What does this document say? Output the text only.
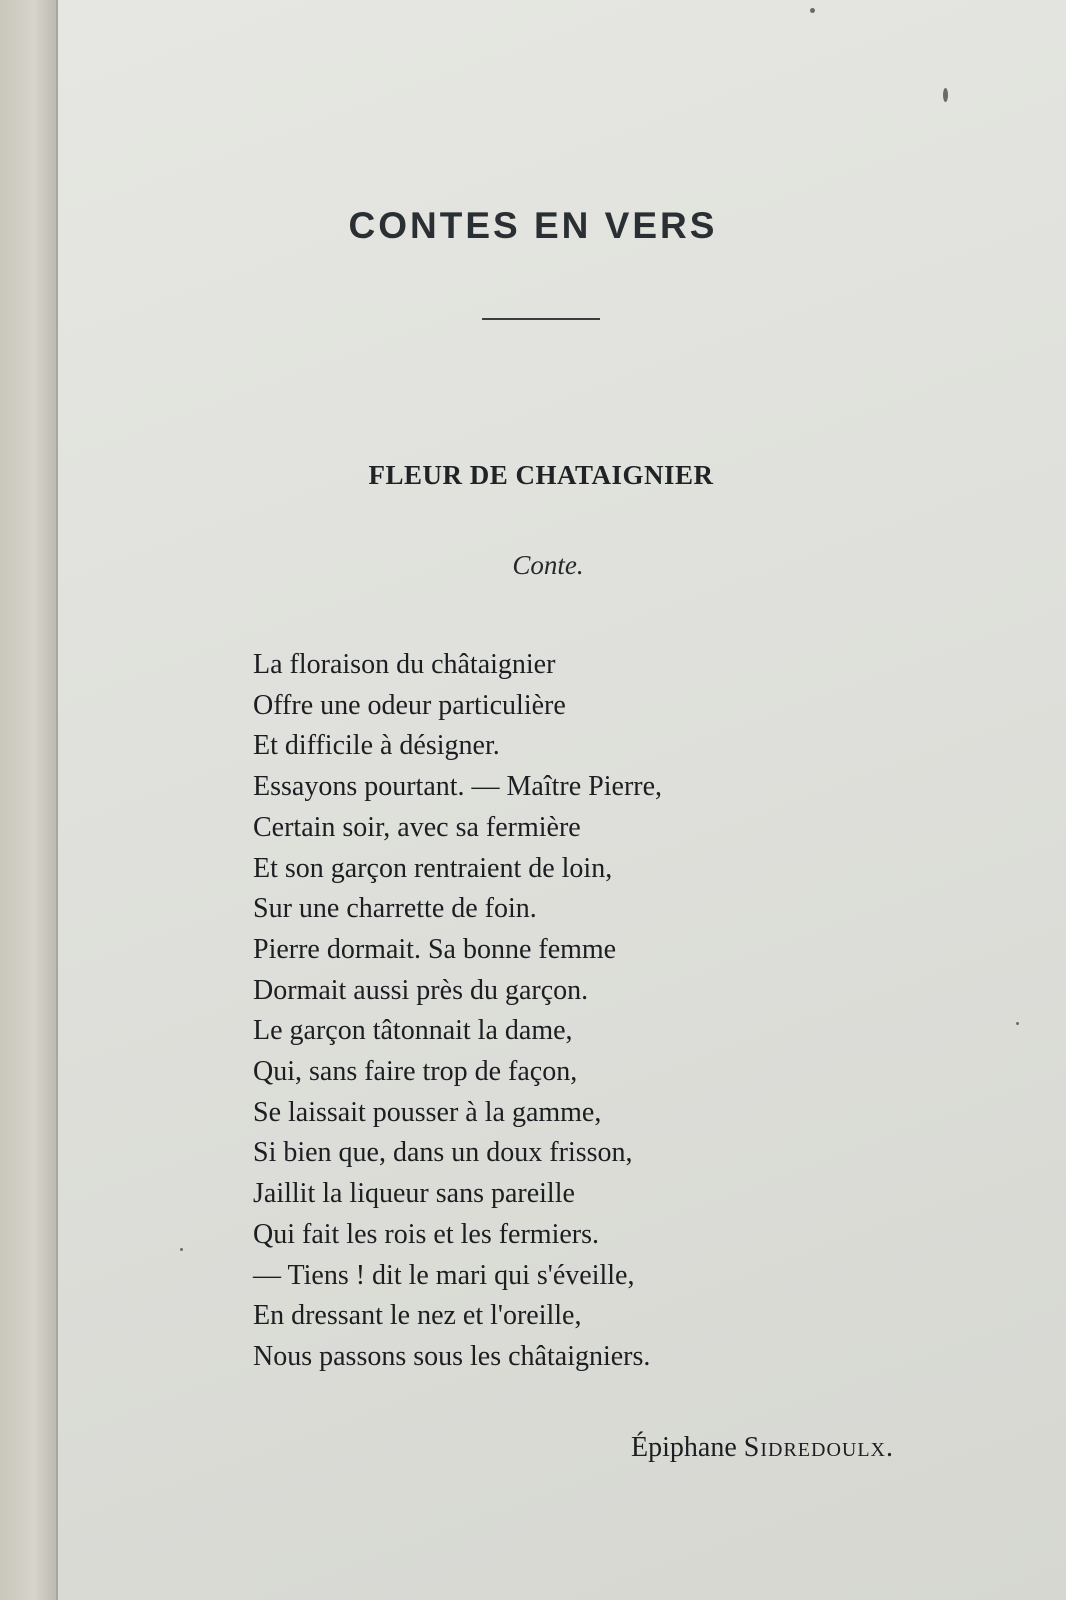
CONTES EN VERS
FLEUR DE CHATAIGNIER
Conte.
La floraison du châtaignier
Offre une odeur particulière
Et difficile à désigner.
Essayons pourtant. — Maître Pierre,
Certain soir, avec sa fermière
Et son garçon rentraient de loin,
Sur une charrette de foin.
Pierre dormait. Sa bonne femme
Dormait aussi près du garçon.
Le garçon tâtonnait la dame,
Qui, sans faire trop de façon,
Se laissait pousser à la gamme,
Si bien que, dans un doux frisson,
Jaillit la liqueur sans pareille
Qui fait les rois et les fermiers.
— Tiens ! dit le mari qui s'éveille,
En dressant le nez et l'oreille,
Nous passons sous les châtaigniers.
Épiphane Sidredoulx.
